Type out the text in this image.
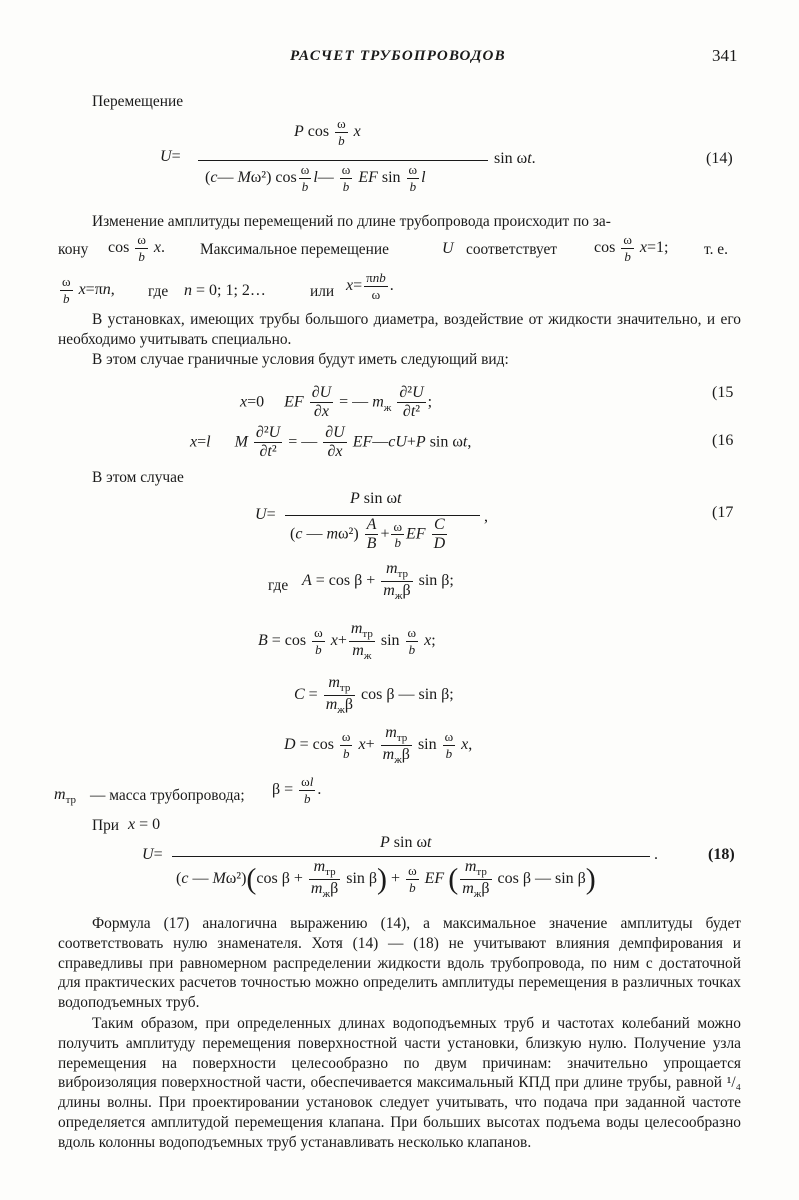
РАСЧЕТ ТРУБОПРОВОДОВ	341
Перемещение
U=
P $\cos \frac{\omega}{b}$ x
(c— Mω²) $\cos \frac{\omega}{b}$ l— $\frac{\omega}{b}$ EF $\sin \frac{\omega}{b}$ l
sin ωt.	(14)
Изменение амплитуды перемещений по длине трубопровода происходит по за-
кону $\cos \frac{\omega}{b} x$. Максимальное перемещение	U соответствует $\cos \frac{\omega}{b} x=1$; т. е.
$\frac{\omega}{b} x=\pi n$, где n = 0; 1; 2…	или $x= \frac{\text{πnb}}{\omega}$ .
В установках, имеющих трубы большого диаметра, воздействие от жидкости значительно, и его необходимо учитывать специально.
В этом случае граничные условия будут иметь следующий вид:
x=0     EF $\frac{\partial U}{\partial x}$ = — $m_ж \frac{\text{∂²U}}{\text{∂t²}}$ ;
(15
x=l M $\frac{\text{∂²U}}{\text{∂t²}}$ = — $\frac{\partial U}{\partial x}$ EF—cU+P sin ωt,	(16
В этом случае
U=
P sin ωt
(c — $m\omega^2) \frac{A}{B} + \frac{\omega}{b}$ EF $\frac{C}{D}$ ,	(17
где $A = \cos \beta + \frac{m_{тр}}{m_ж\beta}$ sin β;
$B = \cos \frac{\omega}{b} x+ \frac{m_{тр}}{m_ж}$ $\sin \frac{\omega}{b} x$;
$C = \frac{m_{тр}}{m_ж\beta}$ cos β — sin β;
$D = \cos \frac{\omega}{b} x+ \frac{m_{тр}}{m_ж\beta}$ $\sin \frac{\omega}{b} x$,
$m_{тр}$ — масса трубопровода; $\beta = \frac{\omega l}{b}$ .
При x = 0
U=
P sin ωt
(c — Mω²)(cos $\beta + \frac{m_{тр}}{m_ж\beta}$ $\sin \beta) + \frac{\omega}{b}$ EF ( $\frac{m_{тр}}{m_ж\beta}$ cos β — sin β)
.	(18)
Формула (17) аналогична выражению (14), а максимальное значение амплитуды будет соответствовать нулю знаменателя. Хотя (14) — (18) не учитывают влияния демпфирования и справедливы при равномерном распределении жидкости вдоль трубопровода, по ним с достаточной для практических расчетов точностью можно определить амплитуды перемещения в различных точках водоподъемных труб.
Таким образом, при определенных длинах водоподъемных труб и частотах колебаний можно получить амплитуду перемещения поверхностной части установки, близкую нулю. Получение узла перемещения на поверхности целесообразно по двум причинам: значительно упрощается виброизоляция поверхностной части, обеспечивается максимальный КПД при длине трубы, равной ¹/₄ длины волны. При проектировании установок следует учитывать, что подача при заданной частоте определяется амплитудой перемещения клапана. При больших высотах подъема воды целесообразно вдоль колонны водоподъемных труб устанавливать несколько клапанов.
